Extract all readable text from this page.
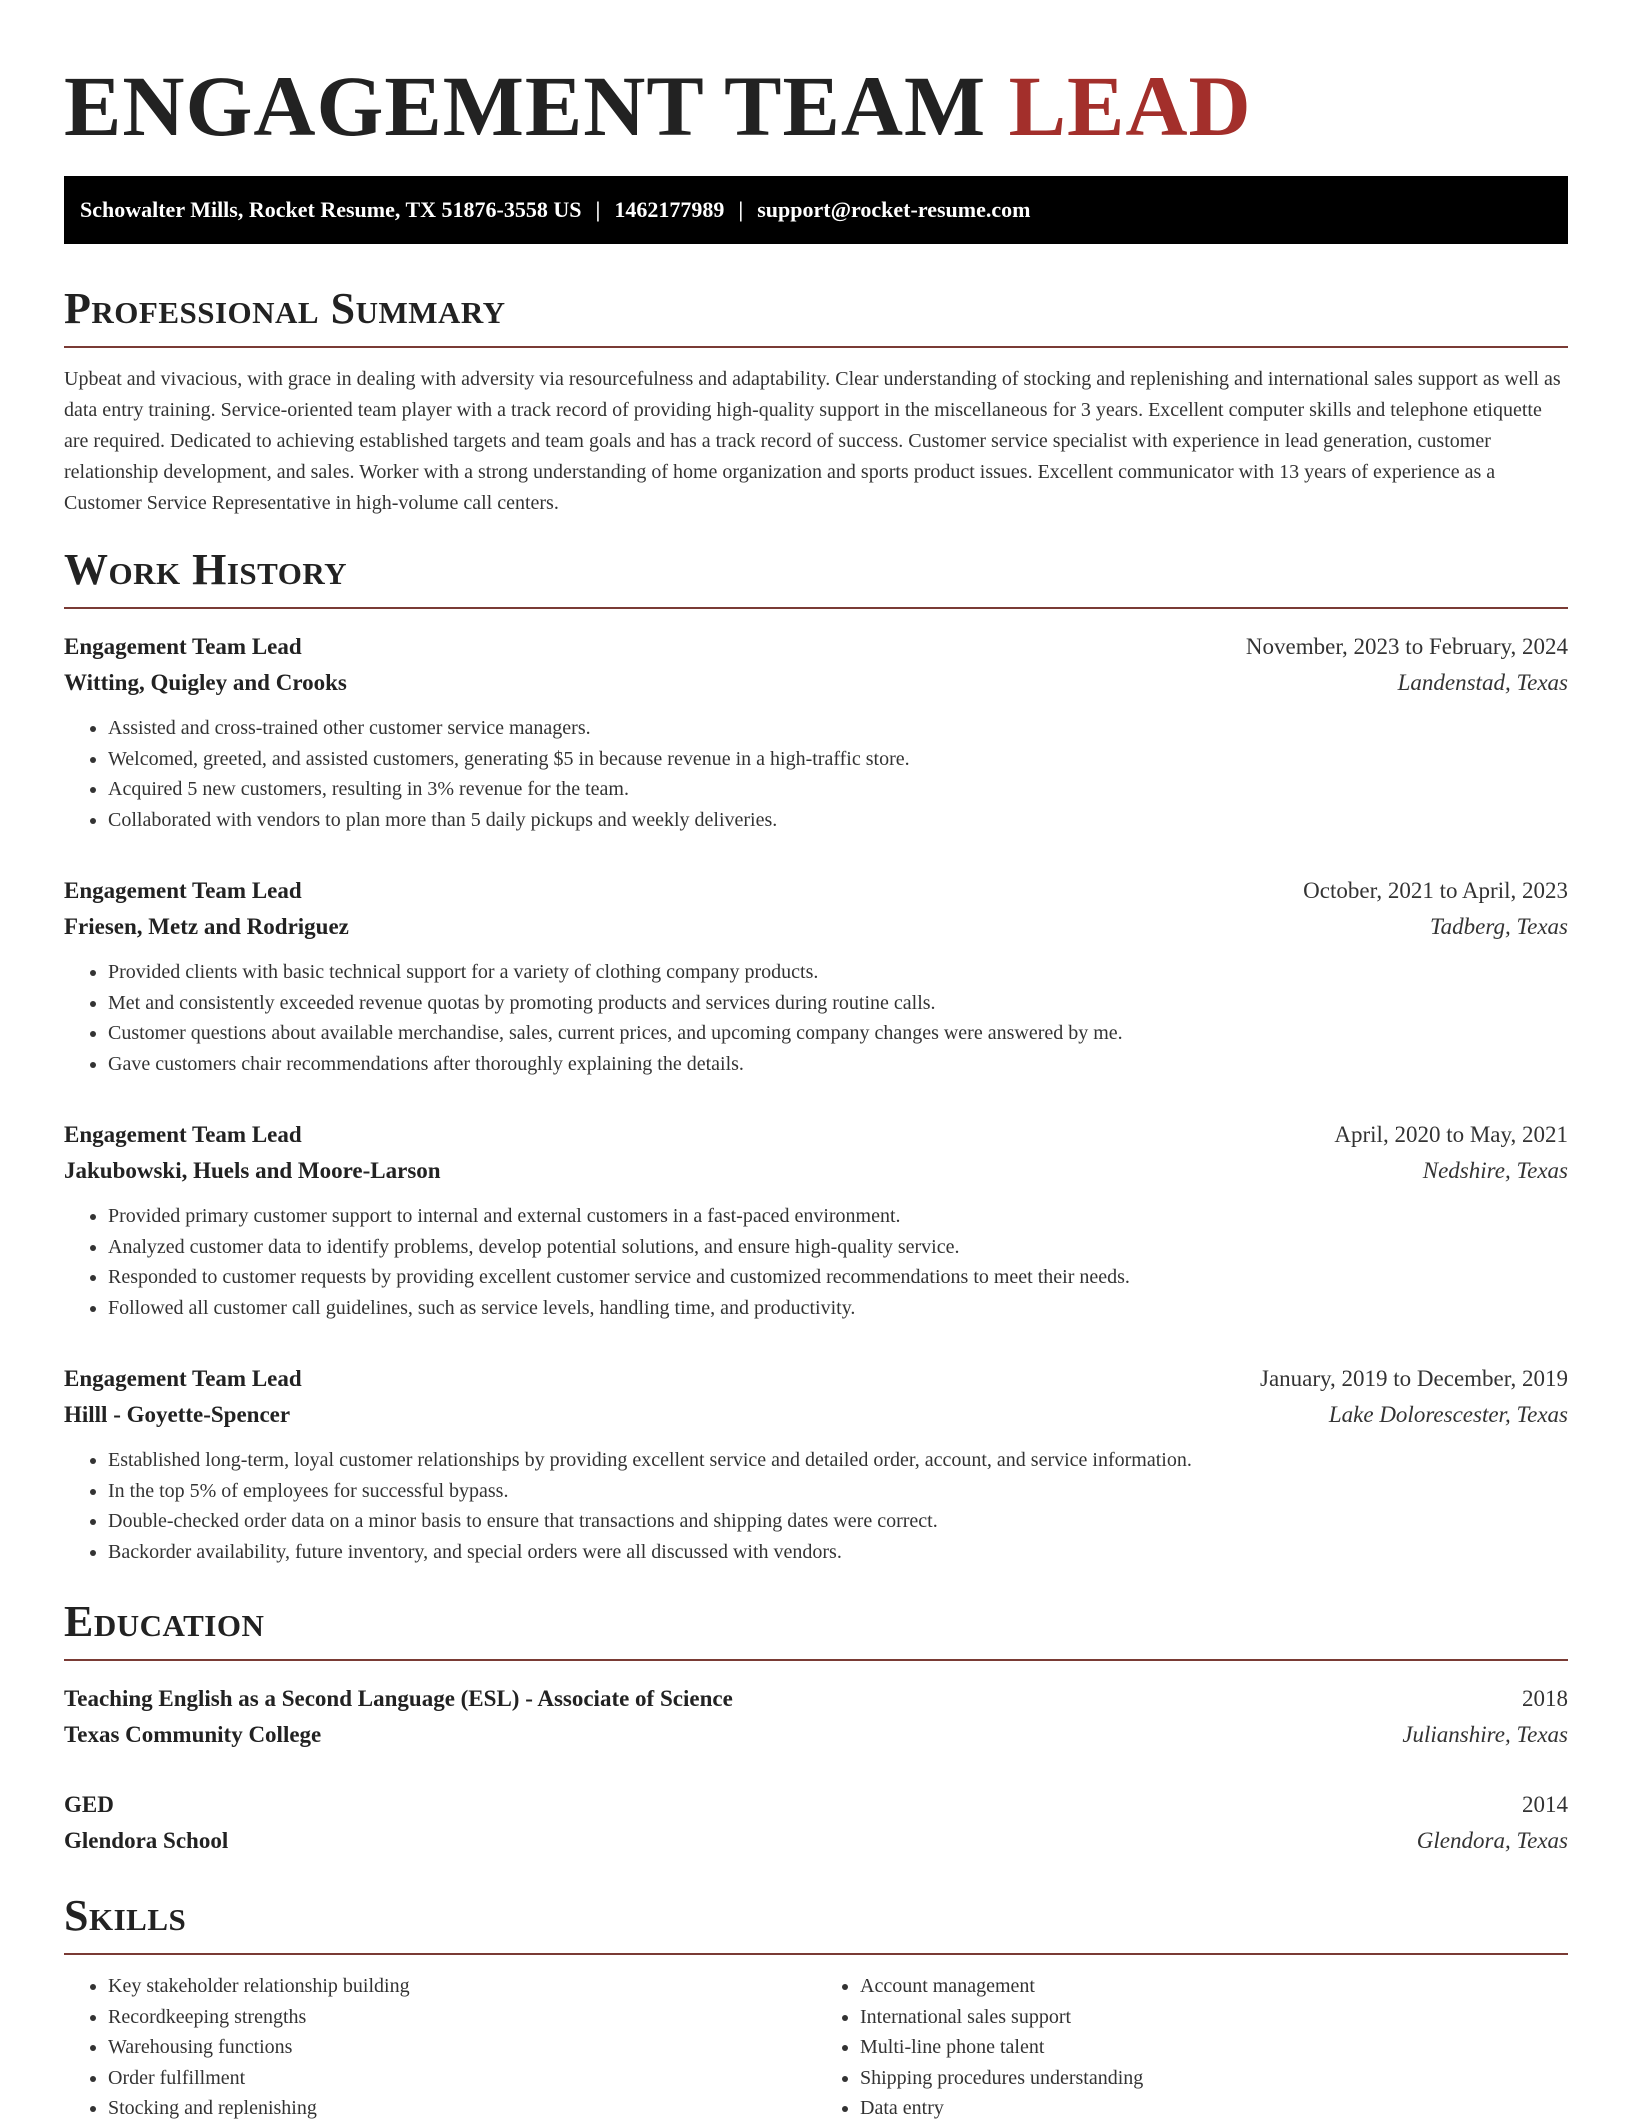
ENGAGEMENT TEAM LEAD
Schowalter Mills, Rocket Resume, TX 51876-3558 US | 1462177989 | support@rocket-resume.com
Professional Summary

Upbeat and vivacious, with grace in dealing with adversity via resourcefulness and adaptability. Clear understanding of stocking and replenishing and international sales support as well as data entry training. Service-oriented team player with a track record of providing high-quality support in the miscellaneous for 3 years. Excellent computer skills and telephone etiquette are required. Dedicated to achieving established targets and team goals and has a track record of success. Customer service specialist with experience in lead generation, customer relationship development, and sales. Worker with a strong understanding of home organization and sports product issues. Excellent communicator with 13 years of experience as a Customer Service Representative in high-volume call centers.

Work History
Engagement Team Lead	November, 2023 to February, 2024
Witting, Quigley and Crooks	Landenstad, Texas
• Assisted and cross-trained other customer service managers.
• Welcomed, greeted, and assisted customers, generating $5 in because revenue in a high-traffic store.
• Acquired 5 new customers, resulting in 3% revenue for the team.
• Collaborated with vendors to plan more than 5 daily pickups and weekly deliveries.
Engagement Team Lead	October, 2021 to April, 2023
Friesen, Metz and Rodriguez	Tadberg, Texas
• Provided clients with basic technical support for a variety of clothing company products.
• Met and consistently exceeded revenue quotas by promoting products and services during routine calls.
• Customer questions about available merchandise, sales, current prices, and upcoming company changes were answered by me.
• Gave customers chair recommendations after thoroughly explaining the details.
Engagement Team Lead	April, 2020 to May, 2021
Jakubowski, Huels and Moore-Larson	Nedshire, Texas
• Provided primary customer support to internal and external customers in a fast-paced environment.
• Analyzed customer data to identify problems, develop potential solutions, and ensure high-quality service.
• Responded to customer requests by providing excellent customer service and customized recommendations to meet their needs.
• Followed all customer call guidelines, such as service levels, handling time, and productivity.
Engagement Team Lead	January, 2019 to December, 2019
Hilll - Goyette-Spencer	Lake Dolorescester, Texas
• Established long-term, loyal customer relationships by providing excellent service and detailed order, account, and service information.
• In the top 5% of employees for successful bypass.
• Double-checked order data on a minor basis to ensure that transactions and shipping dates were correct.
• Backorder availability, future inventory, and special orders were all discussed with vendors.
Education
Teaching English as a Second Language (ESL) - Associate of Science	2018
Texas Community College	Julianshire, Texas
GED	2014
Glendora School	Glendora, Texas
Skills
• Key stakeholder relationship building
• Recordkeeping strengths
• Warehousing functions
• Order fulfillment
• Stocking and replenishing
• Account management
• International sales support
• Multi-line phone talent
• Shipping procedures understanding
• Data entry
